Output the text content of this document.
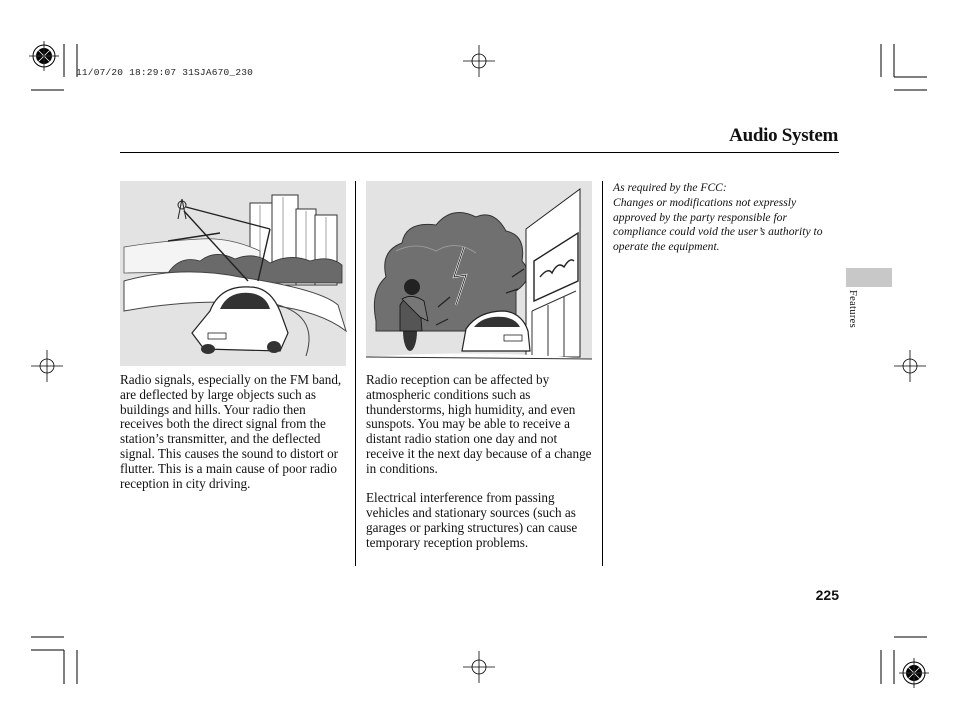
11/07/20 18:29:07 31SJA670_230
Audio System

Radio signals, especially on the FM band, are deflected by large objects such as buildings and hills. Your radio then receives both the direct signal from the station’s transmitter, and the deflected signal. This causes the sound to distort or flutter. This is a main cause of poor radio reception in city driving.

Radio reception can be affected by atmospheric conditions such as thunderstorms, high humidity, and even sunspots. You may be able to receive a distant radio station one day and not receive it the next day because of a change in conditions.

Electrical interference from passing vehicles and stationary sources (such as garages or parking structures) can cause temporary reception problems.

As required by the FCC:
Changes or modifications not expressly approved by the party responsible for compliance could void the user’s authority to operate the equipment.
Features
225
